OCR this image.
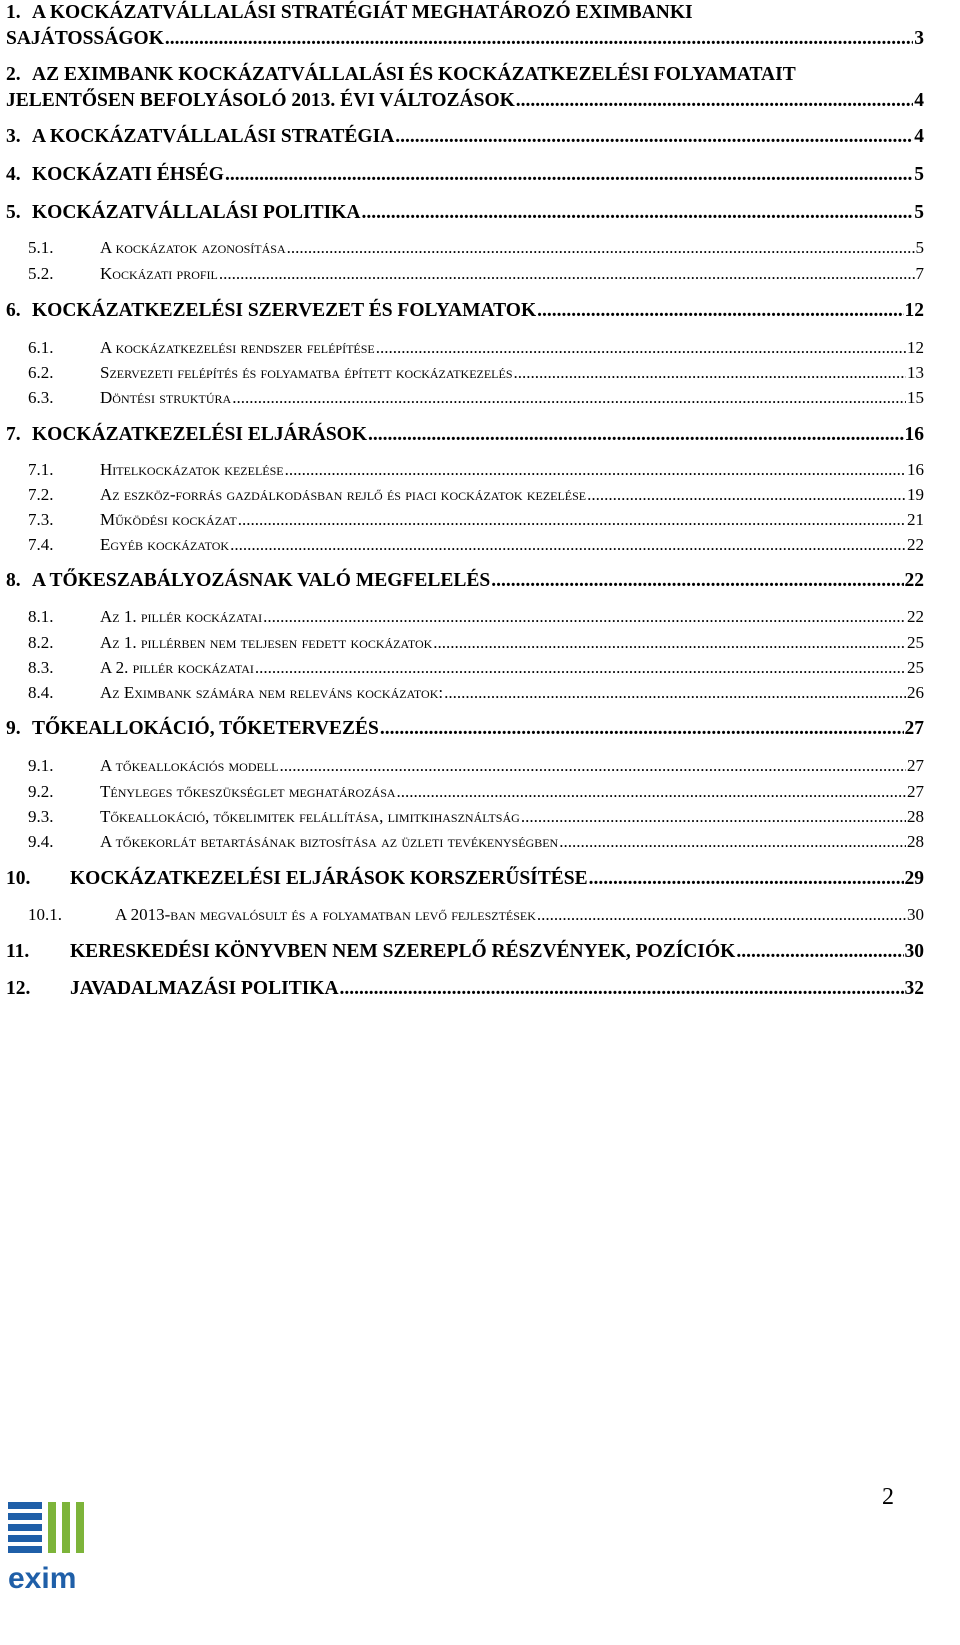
1. A KOCKÁZATVÁLLALÁSI STRATÉGIÁT MEGHATÁROZÓ EXIMBANKI
SAJÁTOSSÁGOK .....	3
2. AZ EXIMBANK KOCKÁZATVÁLLALÁSI ÉS KOCKÁZATKEZELÉSI FOLYAMATAIT
JELENTŐSEN BEFOLYÁSOLÓ 2013. ÉVI VÁLTOZÁSOK .....	4
3. A KOCKÁZATVÁLLALÁSI STRATÉGIA .....	4
4. KOCKÁZATI ÉHSÉG .....	5
5. KOCKÁZATVÁLLALÁSI POLITIKA .....	5
5.1.	A kockázatok azonosítása .....	5
5.2.	Kockázati profil .....	7
6. KOCKÁZATKEZELÉSI SZERVEZET ÉS FOLYAMATOK .....	12
6.1.	A kockázatkezelési rendszer felépítése .....	12
6.2.	Szervezeti felépítés és folyamatba épített kockázatkezelés .....	13
6.3.	Döntési struktúra .....	15
7. KOCKÁZATKEZELÉSI ELJÁRÁSOK .....	16
7.1.	Hitelkockázatok kezelése .....	16
7.2.	Az eszköz-forrás gazdálkodásban rejlő és piaci kockázatok kezelése .....	19
7.3.	Működési kockázat .....	21
7.4.	Egyéb kockázatok .....	22
8. A TŐKESZABÁLYOZÁSNAK VALÓ MEGFELELÉS .....	22
8.1.	Az 1. pillér kockázatai .....	22
8.2.	Az 1. pillérben nem teljesen fedett kockázatok .....	25
8.3.	A 2. pillér kockázatai .....	25
8.4.	Az Eximbank számára nem releváns kockázatok: .....	26
9. TŐKEALLOKÁCIÓ, TŐKETERVEZÉS .....	27
9.1.	A tőkeallokációs modell .....	27
9.2.	Tényleges tőkeszükséglet meghatározása .....	27
9.3.	Tőkeallokáció, tőkelimitek felállítása, limitkihasználtság .....	28
9.4.	A tőkekorlát betartásának biztosítása az üzleti tevékenységben .....	28
10.	KOCKÁZATKEZELÉSI ELJÁRÁSOK KORSZERŰSÍTÉSE .....	29
10.1.	A 2013-ban megvalósult és a folyamatban levő fejlesztések .....	30
11.	KERESKEDÉSI KÖNYVBEN NEM SZEREPLŐ RÉSZVÉNYEK, POZÍCIÓK .....	30
12.	JAVADALMAZÁSI POLITIKA .....	32
exim
2
